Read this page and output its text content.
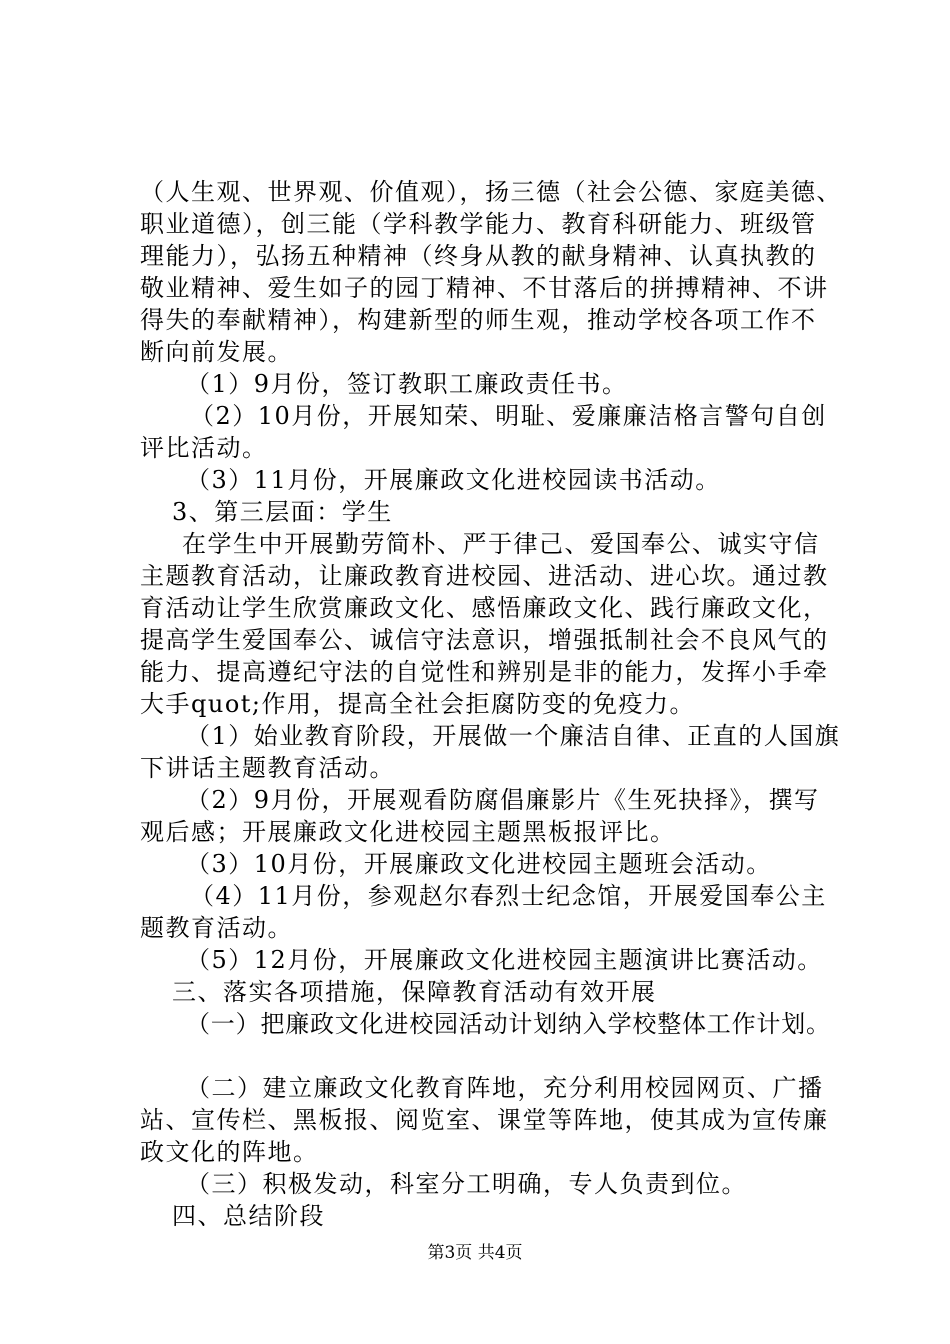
（人生观、世界观、价值观），扬三德（社会公德、家庭美德、
职业道德），创三能（学科教学能力、教育科研能力、班级管
理能力），弘扬五种精神（终身从教的献身精神、认真执教的
敬业精神、爱生如子的园丁精神、不甘落后的拼搏精神、不讲
得失的奉献精神），构建新型的师生观，推动学校各项工作不
断向前发展。
（1）9月份，签订教职工廉政责任书。
（2）10月份，开展知荣、明耻、爱廉廉洁格言警句自创
评比活动。
（3）11月份，开展廉政文化进校园读书活动。
3、第三层面：学生
在学生中开展勤劳简朴、严于律己、爱国奉公、诚实守信
主题教育活动，让廉政教育进校园、进活动、进心坎。通过教
育活动让学生欣赏廉政文化、感悟廉政文化、践行廉政文化，
提高学生爱国奉公、诚信守法意识，增强抵制社会不良风气的
能力、提高遵纪守法的自觉性和辨别是非的能力，发挥小手牵
大手quot;作用，提高全社会拒腐防变的免疫力。
（1）始业教育阶段，开展做一个廉洁自律、正直的人国旗
下讲话主题教育活动。
（2）9月份，开展观看防腐倡廉影片《生死抉择》，撰写
观后感；开展廉政文化进校园主题黑板报评比。
（3）10月份，开展廉政文化进校园主题班会活动。
（4）11月份，参观赵尔春烈士纪念馆，开展爱国奉公主
题教育活动。
（5）12月份，开展廉政文化进校园主题演讲比赛活动。
三、落实各项措施，保障教育活动有效开展
（一）把廉政文化进校园活动计划纳入学校整体工作计划。
（二）建立廉政文化教育阵地，充分利用校园网页、广播
站、宣传栏、黑板报、阅览室、课堂等阵地，使其成为宣传廉
政文化的阵地。
（三）积极发动，科室分工明确，专人负责到位。
四、总结阶段
第3页 共4页
